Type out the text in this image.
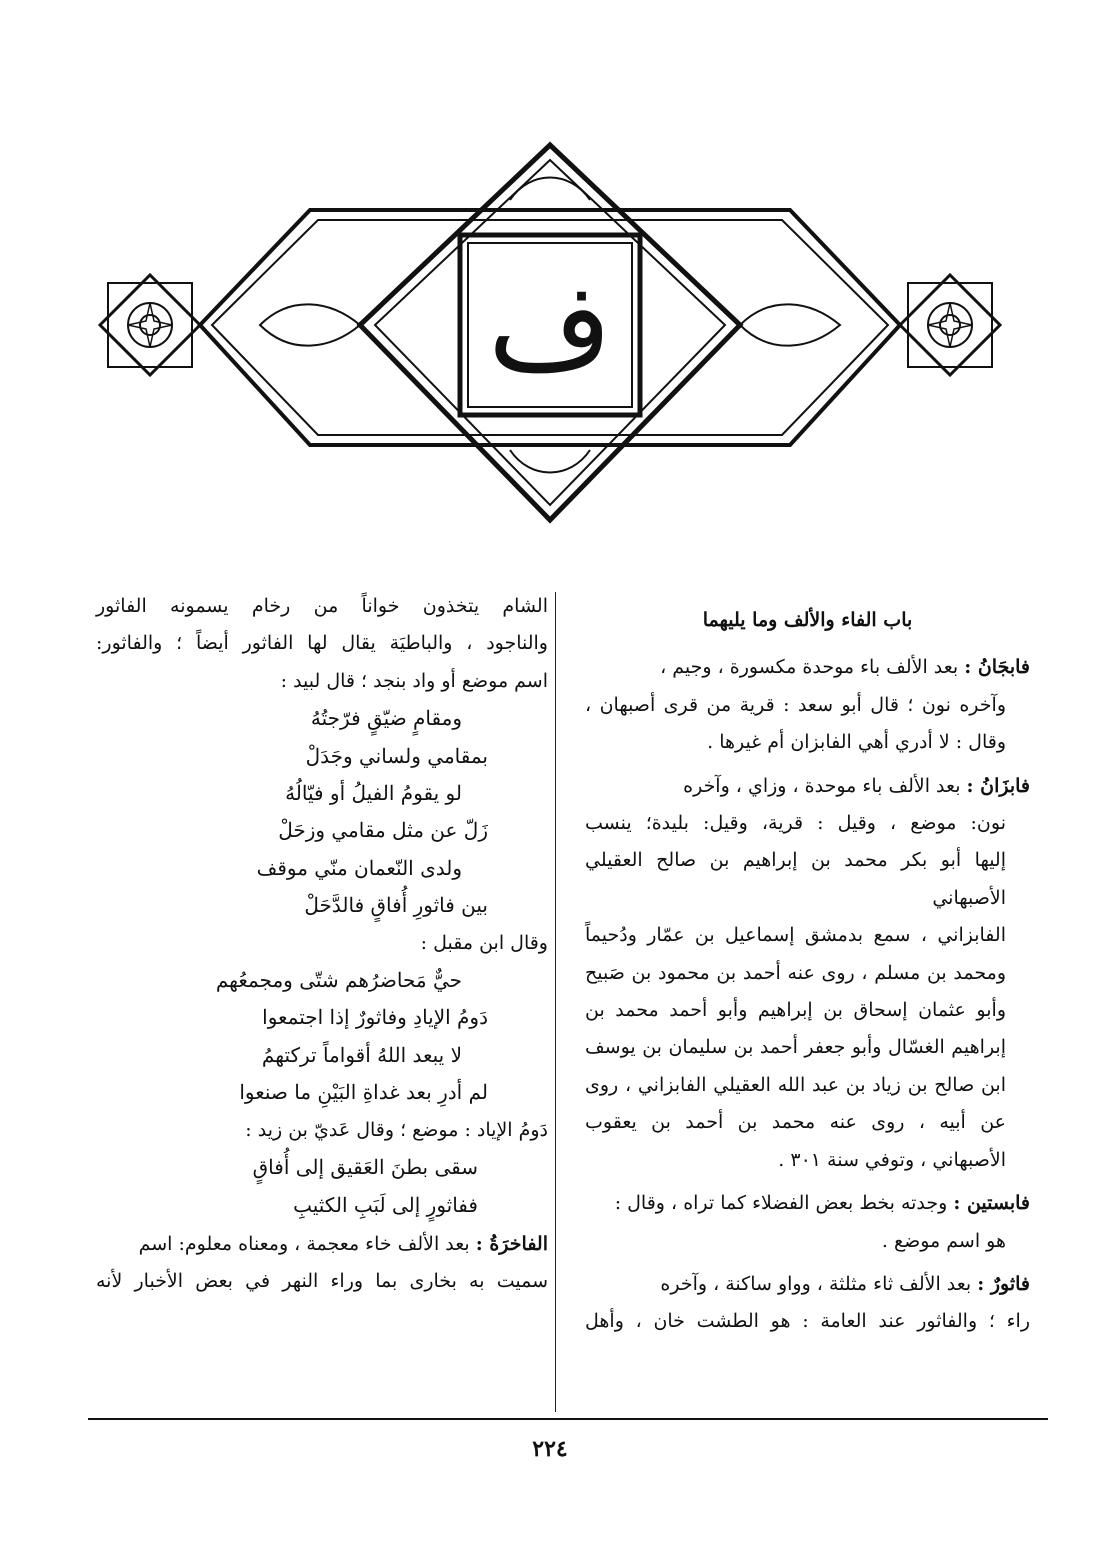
ف
باب الفاء والألف وما يليهما
فابجَانُ :بعد الألف باء موحدة مكسورة ، وجيم ،
وآخره نون ؛ قال أبو سعد : قرية من قرى أصبهان ،
وقال : لا أدري أهي الفابزان أم غيرها .
فابزَانُ :بعد الألف باء موحدة ، وزاي ، وآخره
نون: موضع ، وقيل : قرية، وقيل: بليدة؛ ينسب
إليها أبو بكر محمد بن إبراهيم بن صالح العقيلي الأصبهاني
الفابزاني ، سمع بدمشق إسماعيل بن عمّار ودُحيماً
ومحمد بن مسلم ، روى عنه أحمد بن محمود بن صَبيح
وأبو عثمان إسحاق بن إبراهيم وأبو أحمد محمد بن
إبراهيم الغسّال وأبو جعفر أحمد بن سليمان بن يوسف
ابن صالح بن زياد بن عبد الله العقيلي الفابزاني ، روى
عن أبيه ، روى عنه محمد بن أحمد بن يعقوب
الأصبهاني ، وتوفي سنة ٣٠١ .
فابستين :وجدته بخط بعض الفضلاء كما تراه ، وقال :
هو اسم موضع .
فاثورٌ :بعد الألف ثاء مثلثة ، وواو ساكنة ، وآخره
راء ؛ والفاثور عند العامة : هو الطشت خان ، وأهل
الشام يتخذون خواناً من رخام يسمونه الفاثور
والناجود ، والباطيَة يقال لها الفاثور أيضاً ؛ والفاثور:
اسم موضع أو واد بنجد ؛ قال لبيد :
ومقامٍ ضيّقٍ فرّجتُهُ
بمقامي ولساني وجَدَلْ
لو يقومُ الفيلُ أو فيّالُهُ
زَلّ عن مثل مقامي وزحَلْ
ولدى النّعمان منّي موقف
بين فاثورِ أُفاقٍ فالدَّحَلْ
وقال ابن مقبل :
حيٌّ مَحاضرُهم شتّى ومجمعُهم
دَومُ الإيادِ وفاثورٌ إذا اجتمعوا
لا يبعد اللهُ أقواماً تركتهمُ
لم أدرِ بعد غداةِ البَيْنِ ما صنعوا
دَومُ الإياد : موضع ؛ وقال عَديّ بن زيد :
سقى بطنَ العَقيق إلى أُفاقٍ
ففاثورٍ إلى لَبَبِ الكثيبِ
الفاخرَةُ :بعد الألف خاء معجمة ، ومعناه معلوم: اسم
سميت به بخارى بما وراء النهر في بعض الأخبار لأنه
٢٢٤
